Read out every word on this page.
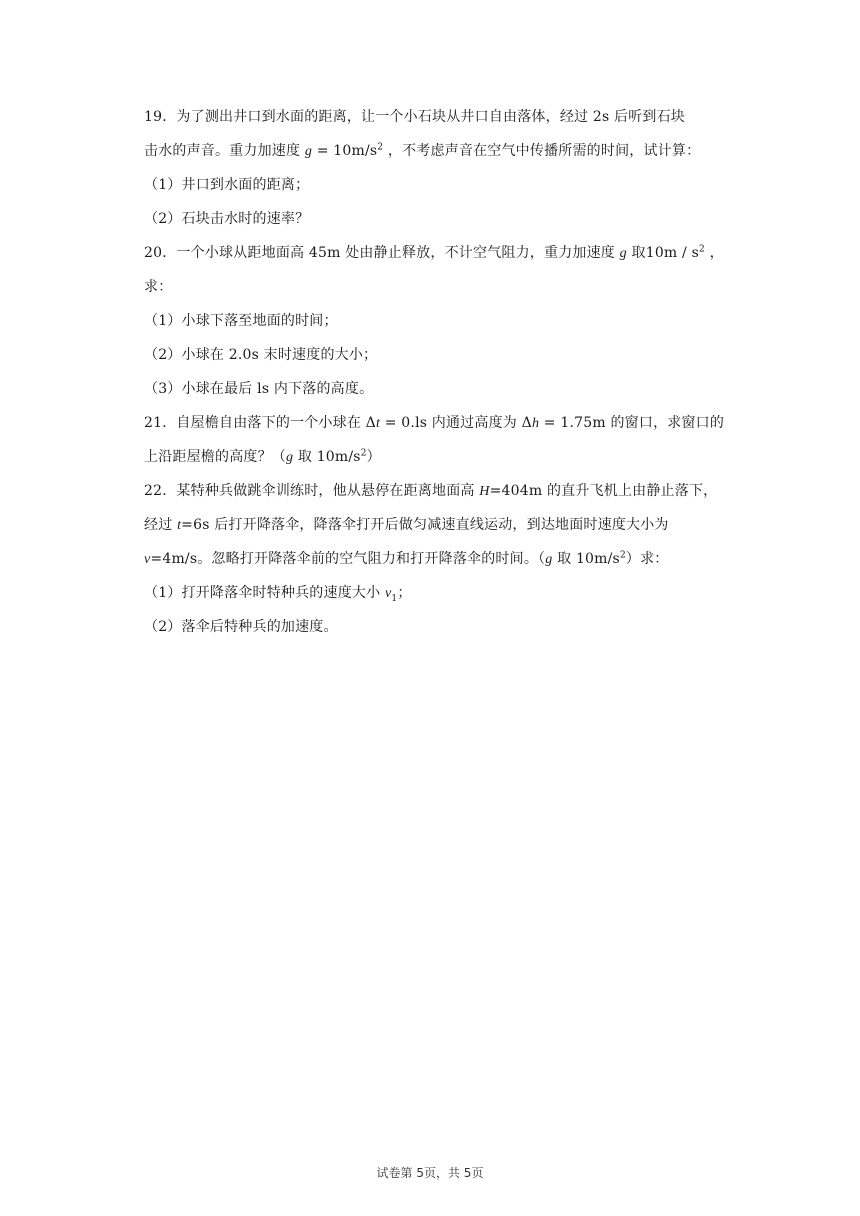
19．为了测出井口到水面的距离，让一个小石块从井口自由落体，经过 2s 后听到石块
击水的声音。重力加速度 $g = 10m/s^2$ ，不考虑声音在空气中传播所需的时间，试计算：
（1）井口到水面的距离；
（2）石块击水时的速率？
20．一个小球从距地面高 45m 处由静止释放，不计空气阻力，重力加速度 g 取$10m / s^2$ ，
求：
（1）小球下落至地面的时间；
（2）小球在 2.0s 末时速度的大小；
（3）小球在最后 ls 内下落的高度。
21．自屋檐自由落下的一个小球在 Δt = 0.ls 内通过高度为 Δh = 1.75m 的窗口，求窗口的
上沿距屋檐的高度？（g 取 $10m/s^2$）
22．某特种兵做跳伞训练时，他从悬停在距离地面高 H=404m 的直升飞机上由静止落下，
经过 t=6s 后打开降落伞，降落伞打开后做匀减速直线运动，到达地面时速度大小为
v=4m/s。忽略打开降落伞前的空气阻力和打开降落伞的时间。（g 取 $10m/s^2$）求：
（1）打开降落伞时特种兵的速度大小 $v_1$；
（2）落伞后特种兵的加速度。
试卷第 5页，共 5页
